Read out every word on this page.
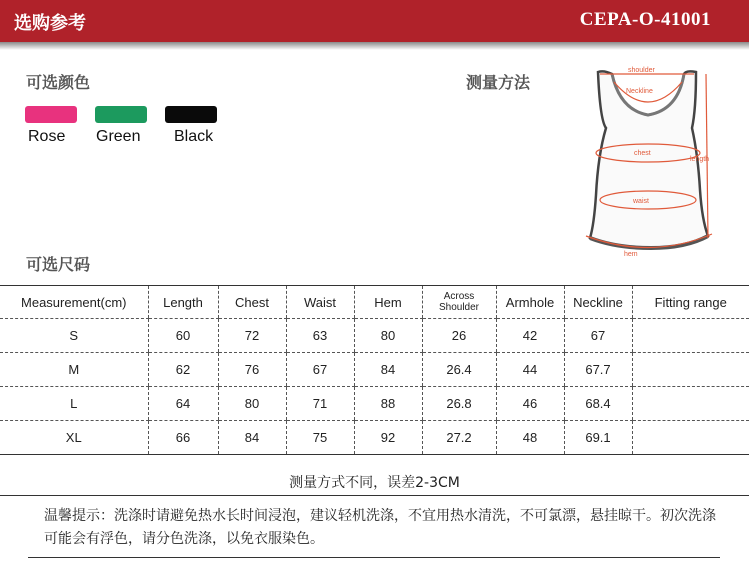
选购参考	CEPA-O-41001
可选颜色	测量方法
Rose Green Black
shoulder
Neckline
chest
length
waist
hem
可选尺码
Measurement(cm)	Length	Chest	Waist	Hem	Across Shoulder	Armhole	Neckline	Fitting range
S	60	72	63	80	26	42	67	
M	62	76	67	84	26.4	44	67.7	
L	64	80	71	88	26.8	46	68.4	
XL	66	84	75	92	27.2	48	69.1	
测量方式不同，误差2-3CM
温馨提示：洗涤时请避免热水长时间浸泡，建议轻机洗涤，不宜用热水清洗，不可氯漂，悬挂晾干。初次洗涤可能会有浮色，请分色洗涤，以免衣服染色。
